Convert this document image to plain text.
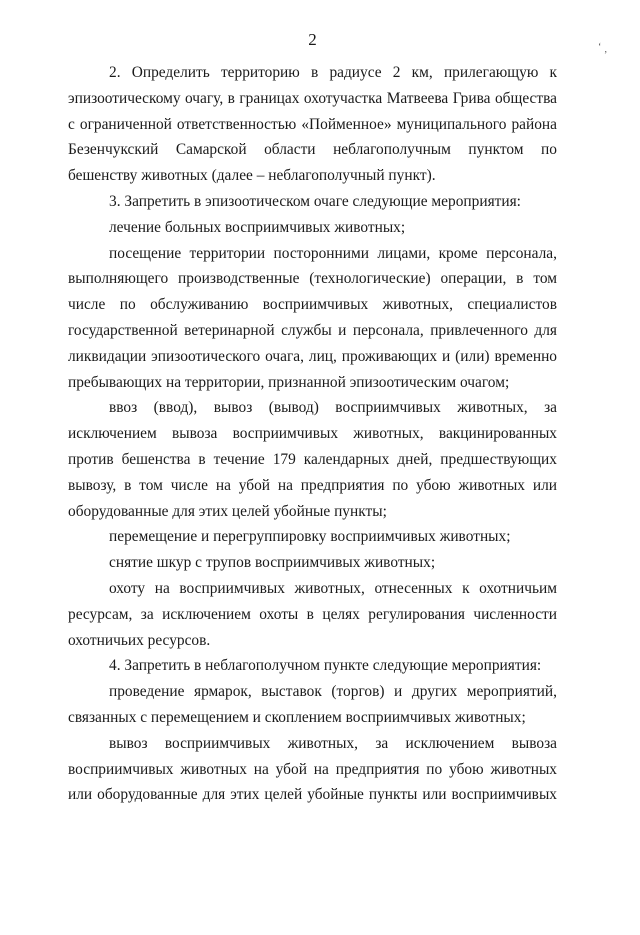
2

2. Определить территорию в радиусе 2 км, прилегающую к эпизоотическому очагу, в границах охотучастка Матвеева Грива общества с ограниченной ответственностью «Пойменное» муниципального района Безенчукский Самарской области неблагополучным пунктом по бешенству животных (далее – неблагополучный пункт).

3. Запретить в эпизоотическом очаге следующие мероприятия:

лечение больных восприимчивых животных;

посещение территории посторонними лицами, кроме персонала, выполняющего производственные (технологические) операции, в том числе по обслуживанию восприимчивых животных, специалистов государственной ветеринарной службы и персонала, привлеченного для ликвидации эпизоотического очага, лиц, проживающих и (или) временно пребывающих на территории, признанной эпизоотическим очагом;

ввоз (ввод), вывоз (вывод) восприимчивых животных, за исключением вывоза восприимчивых животных, вакцинированных против бешенства в течение 179 календарных дней, предшествующих вывозу, в том числе на убой на предприятия по убою животных или оборудованные для этих целей убойные пункты;

перемещение и перегруппировку восприимчивых животных;

снятие шкур с трупов восприимчивых животных;

охоту на восприимчивых животных, отнесенных к охотничьим ресурсам, за исключением охоты в целях регулирования численности охотничьих ресурсов.

4. Запретить в неблагополучном пункте следующие мероприятия:

проведение ярмарок, выставок (торгов) и других мероприятий, связанных с перемещением и скоплением восприимчивых животных;

вывоз восприимчивых животных, за исключением вывоза восприимчивых животных на убой на предприятия по убою животных или оборудованные для этих целей убойные пункты или восприимчивых

‘
’
